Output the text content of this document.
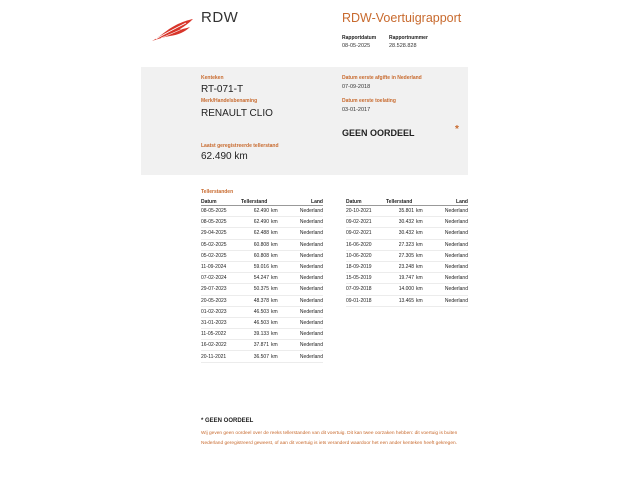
RDW	RDW-Voertuigrapport
Rapportdatum	Rapportnummer
08-05-2025	28.528.828
Kenteken
RT-071-T
Merk/Handelsbenaming
RENAULT CLIO
Laatst geregistreerde tellerstand
62.490 km
Datum eerste afgifte in Nederland
07-09-2018
Datum eerste toelating
03-01-2017
GEEN OORDEEL	*
Tellerstanden
Datum	Tellerstand		Land
08-05-2025	62.490	km	Nederland
08-05-2025	62.490	km	Nederland
29-04-2025	62.488	km	Nederland
05-02-2025	60.808	km	Nederland
05-02-2025	60.808	km	Nederland
11-09-2024	59.016	km	Nederland
07-02-2024	54.247	km	Nederland
29-07-2023	50.375	km	Nederland
20-05-2023	48.378	km	Nederland
01-02-2023	46.503	km	Nederland
31-01-2023	46.503	km	Nederland
11-05-2022	39.133	km	Nederland
16-02-2022	37.871	km	Nederland
20-11-2021	36.507	km	Nederland
Datum	Tellerstand		Land
20-10-2021	35.801	km	Nederland
09-02-2021	30.432	km	Nederland
09-02-2021	30.432	km	Nederland
16-06-2020	27.323	km	Nederland
10-06-2020	27.305	km	Nederland
18-09-2019	23.248	km	Nederland
15-05-2019	19.747	km	Nederland
07-09-2018	14.000	km	Nederland
09-01-2018	13.465	km	Nederland
* GEEN OORDEEL
Wij geven geen oordeel over de reeks tellerstanden van dit voertuig. Dit kan twee oorzaken hebben: dit voertuig is buiten Nederland geregistreerd geweest, of aan dit voertuig is iets veranderd waardoor het een ander kenteken heeft gekregen.
